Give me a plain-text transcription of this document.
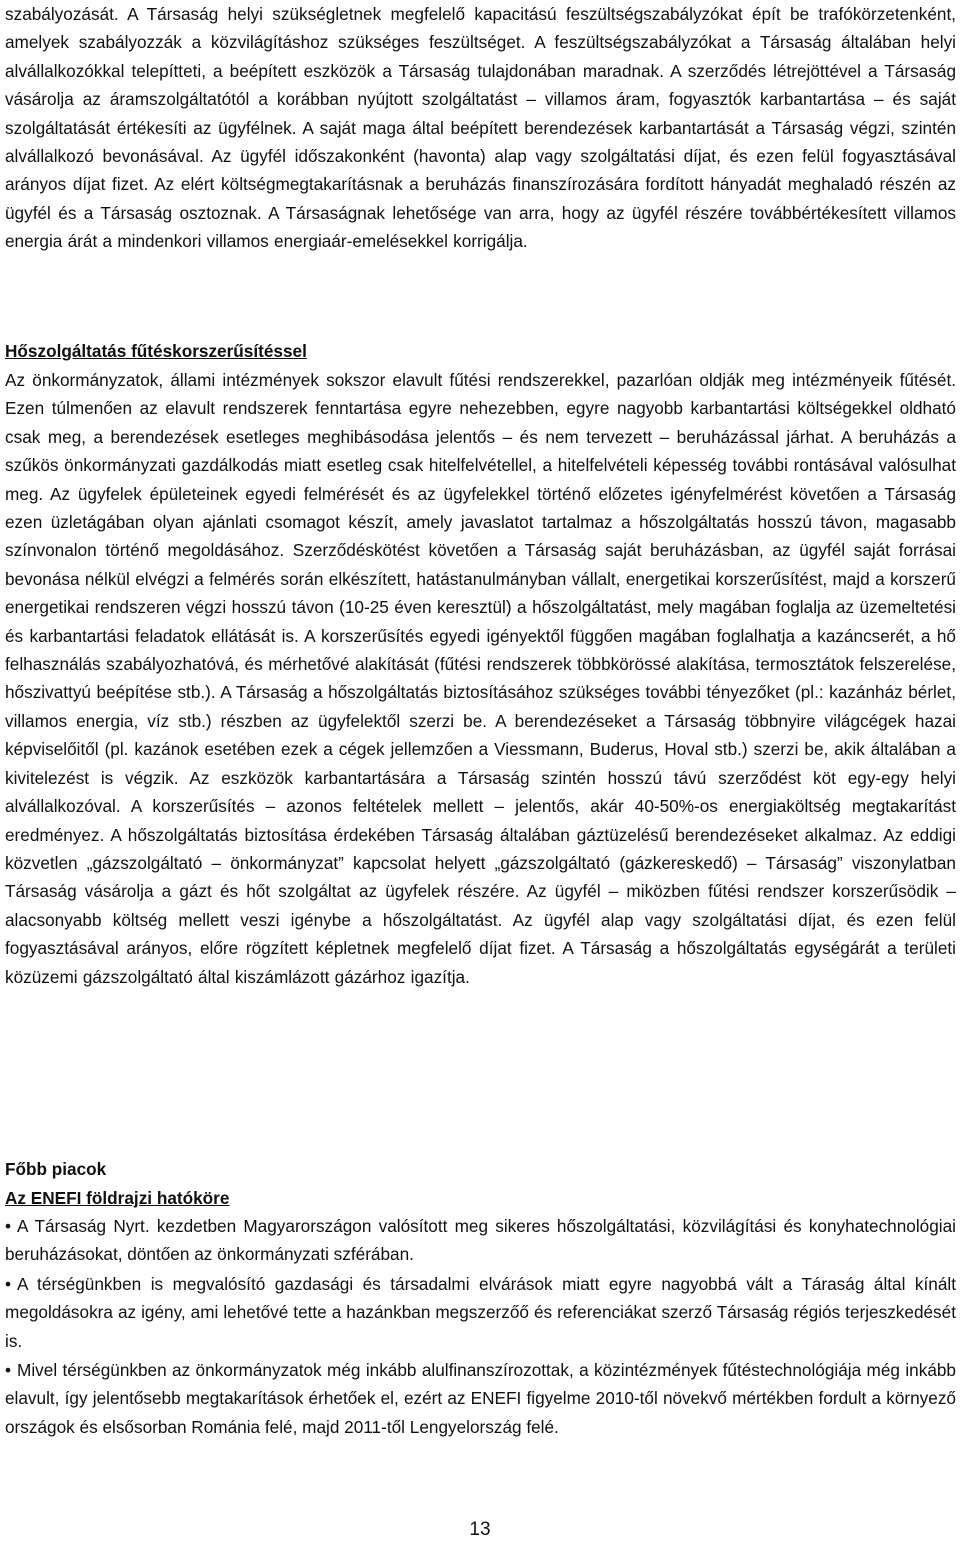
szabályozását. A Társaság helyi szükségletnek megfelelő kapacitású feszültségszabályzókat épít be trafókörzetenként, amelyek szabályozzák a közvilágításhoz szükséges feszültséget. A feszültségszabályzókat a Társaság általában helyi alvállalkozókkal telepítteti, a beépített eszközök a Társaság tulajdonában maradnak. A szerződés létrejöttével a Társaság vásárolja az áramszolgáltatótól a korábban nyújtott szolgáltatást – villamos áram, fogyasztók karbantartása – és saját szolgáltatását értékesíti az ügyfélnek. A saját maga által beépített berendezések karbantartását a Társaság végzi, szintén alvállalkozó bevonásával. Az ügyfél időszakonként (havonta) alap vagy szolgáltatási díjat, és ezen felül fogyasztásával arányos díjat fizet. Az elért költségmegtakarításnak a beruházás finanszírozására fordított hányadát meghaladó részén az ügyfél és a Társaság osztoznak. A Társaságnak lehetősége van arra, hogy az ügyfél részére továbbértékesített villamos energia árát a mindenkori villamos energiaár-emelésekkel korrigálja.

Hőszolgáltatás fűtéskorszerűsítéssel

Az önkormányzatok, állami intézmények sokszor elavult fűtési rendszerekkel, pazarlóan oldják meg intézményeik fűtését. Ezen túlmenően az elavult rendszerek fenntartása egyre nehezebben, egyre nagyobb karbantartási költségekkel oldható csak meg, a berendezések esetleges meghibásodása jelentős – és nem tervezett – beruházással járhat. A beruházás a szűkös önkormányzati gazdálkodás miatt esetleg csak hitelfelvétellel, a hitelfelvételi képesség további rontásával valósulhat meg. Az ügyfelek épületeinek egyedi felmérését és az ügyfelekkel történő előzetes igényfelmérést követően a Társaság ezen üzletágában olyan ajánlati csomagot készít, amely javaslatot tartalmaz a hőszolgáltatás hosszú távon, magasabb színvonalon történő megoldásához. Szerződéskötést követően a Társaság saját beruházásban, az ügyfél saját forrásai bevonása nélkül elvégzi a felmérés során elkészített, hatástanulmányban vállalt, energetikai korszerűsítést, majd a korszerű energetikai rendszeren végzi hosszú távon (10-25 éven keresztül) a hőszolgáltatást, mely magában foglalja az üzemeltetési és karbantartási feladatok ellátását is. A korszerűsítés egyedi igényektől függően magában foglalhatja a kazáncserét, a hő felhasználás szabályozhatóvá, és mérhetővé alakítását (fűtési rendszerek többkörössé alakítása, termosztátok felszerelése, hőszivattyú beépítése stb.). A Társaság a hőszolgáltatás biztosításához szükséges további tényezőket (pl.: kazánház bérlet, villamos energia, víz stb.) részben az ügyfelektől szerzi be. A berendezéseket a Társaság többnyire világcégek hazai képviselőitől (pl. kazánok esetében ezek a cégek jellemzően a Viessmann, Buderus, Hoval stb.) szerzi be, akik általában a kivitelezést is végzik. Az eszközök karbantartására a Társaság szintén hosszú távú szerződést köt egy-egy helyi alvállalkozóval. A korszerűsítés – azonos feltételek mellett – jelentős, akár 40-50%-os energiaköltség megtakarítást eredményez. A hőszolgáltatás biztosítása érdekében Társaság általában gáztüzelésű berendezéseket alkalmaz. Az eddigi közvetlen „gázszolgáltató – önkormányzat” kapcsolat helyett „gázszolgáltató (gázkereskedő) – Társaság” viszonylatban Társaság vásárolja a gázt és hőt szolgáltat az ügyfelek részére. Az ügyfél – miközben fűtési rendszer korszerűsödik – alacsonyabb költség mellett veszi igénybe a hőszolgáltatást. Az ügyfél alap vagy szolgáltatási díjat, és ezen felül fogyasztásával arányos, előre rögzített képletnek megfelelő díjat fizet. A Társaság a hőszolgáltatás egységárát a területi közüzemi gázszolgáltató által kiszámlázott gázárhoz igazítja.

Főbb piacok

Az ENEFI földrajzi hatóköre

• A Társaság Nyrt. kezdetben Magyarországon valósított meg sikeres hőszolgáltatási, közvilágítási és konyhatechnológiai beruházásokat, döntően az önkormányzati szférában.

• A térségünkben is megvalósító gazdasági és társadalmi elvárások miatt egyre nagyobbá vált a Táraság által kínált megoldásokra az igény, ami lehetővé tette a hazánkban megszerzőő és referenciákat szerző Társaság régiós terjeszkedését is.

• Mivel térségünkben az önkormányzatok még inkább alulfinanszírozottak, a közintézmények fűtéstechnológiája még inkább elavult, így jelentősebb megtakarítások érhetőek el, ezért az ENEFI figyelme 2010-től növekvő mértékben fordult a környező országok és elsősorban Románia felé, majd 2011-től Lengyelország felé.

13
